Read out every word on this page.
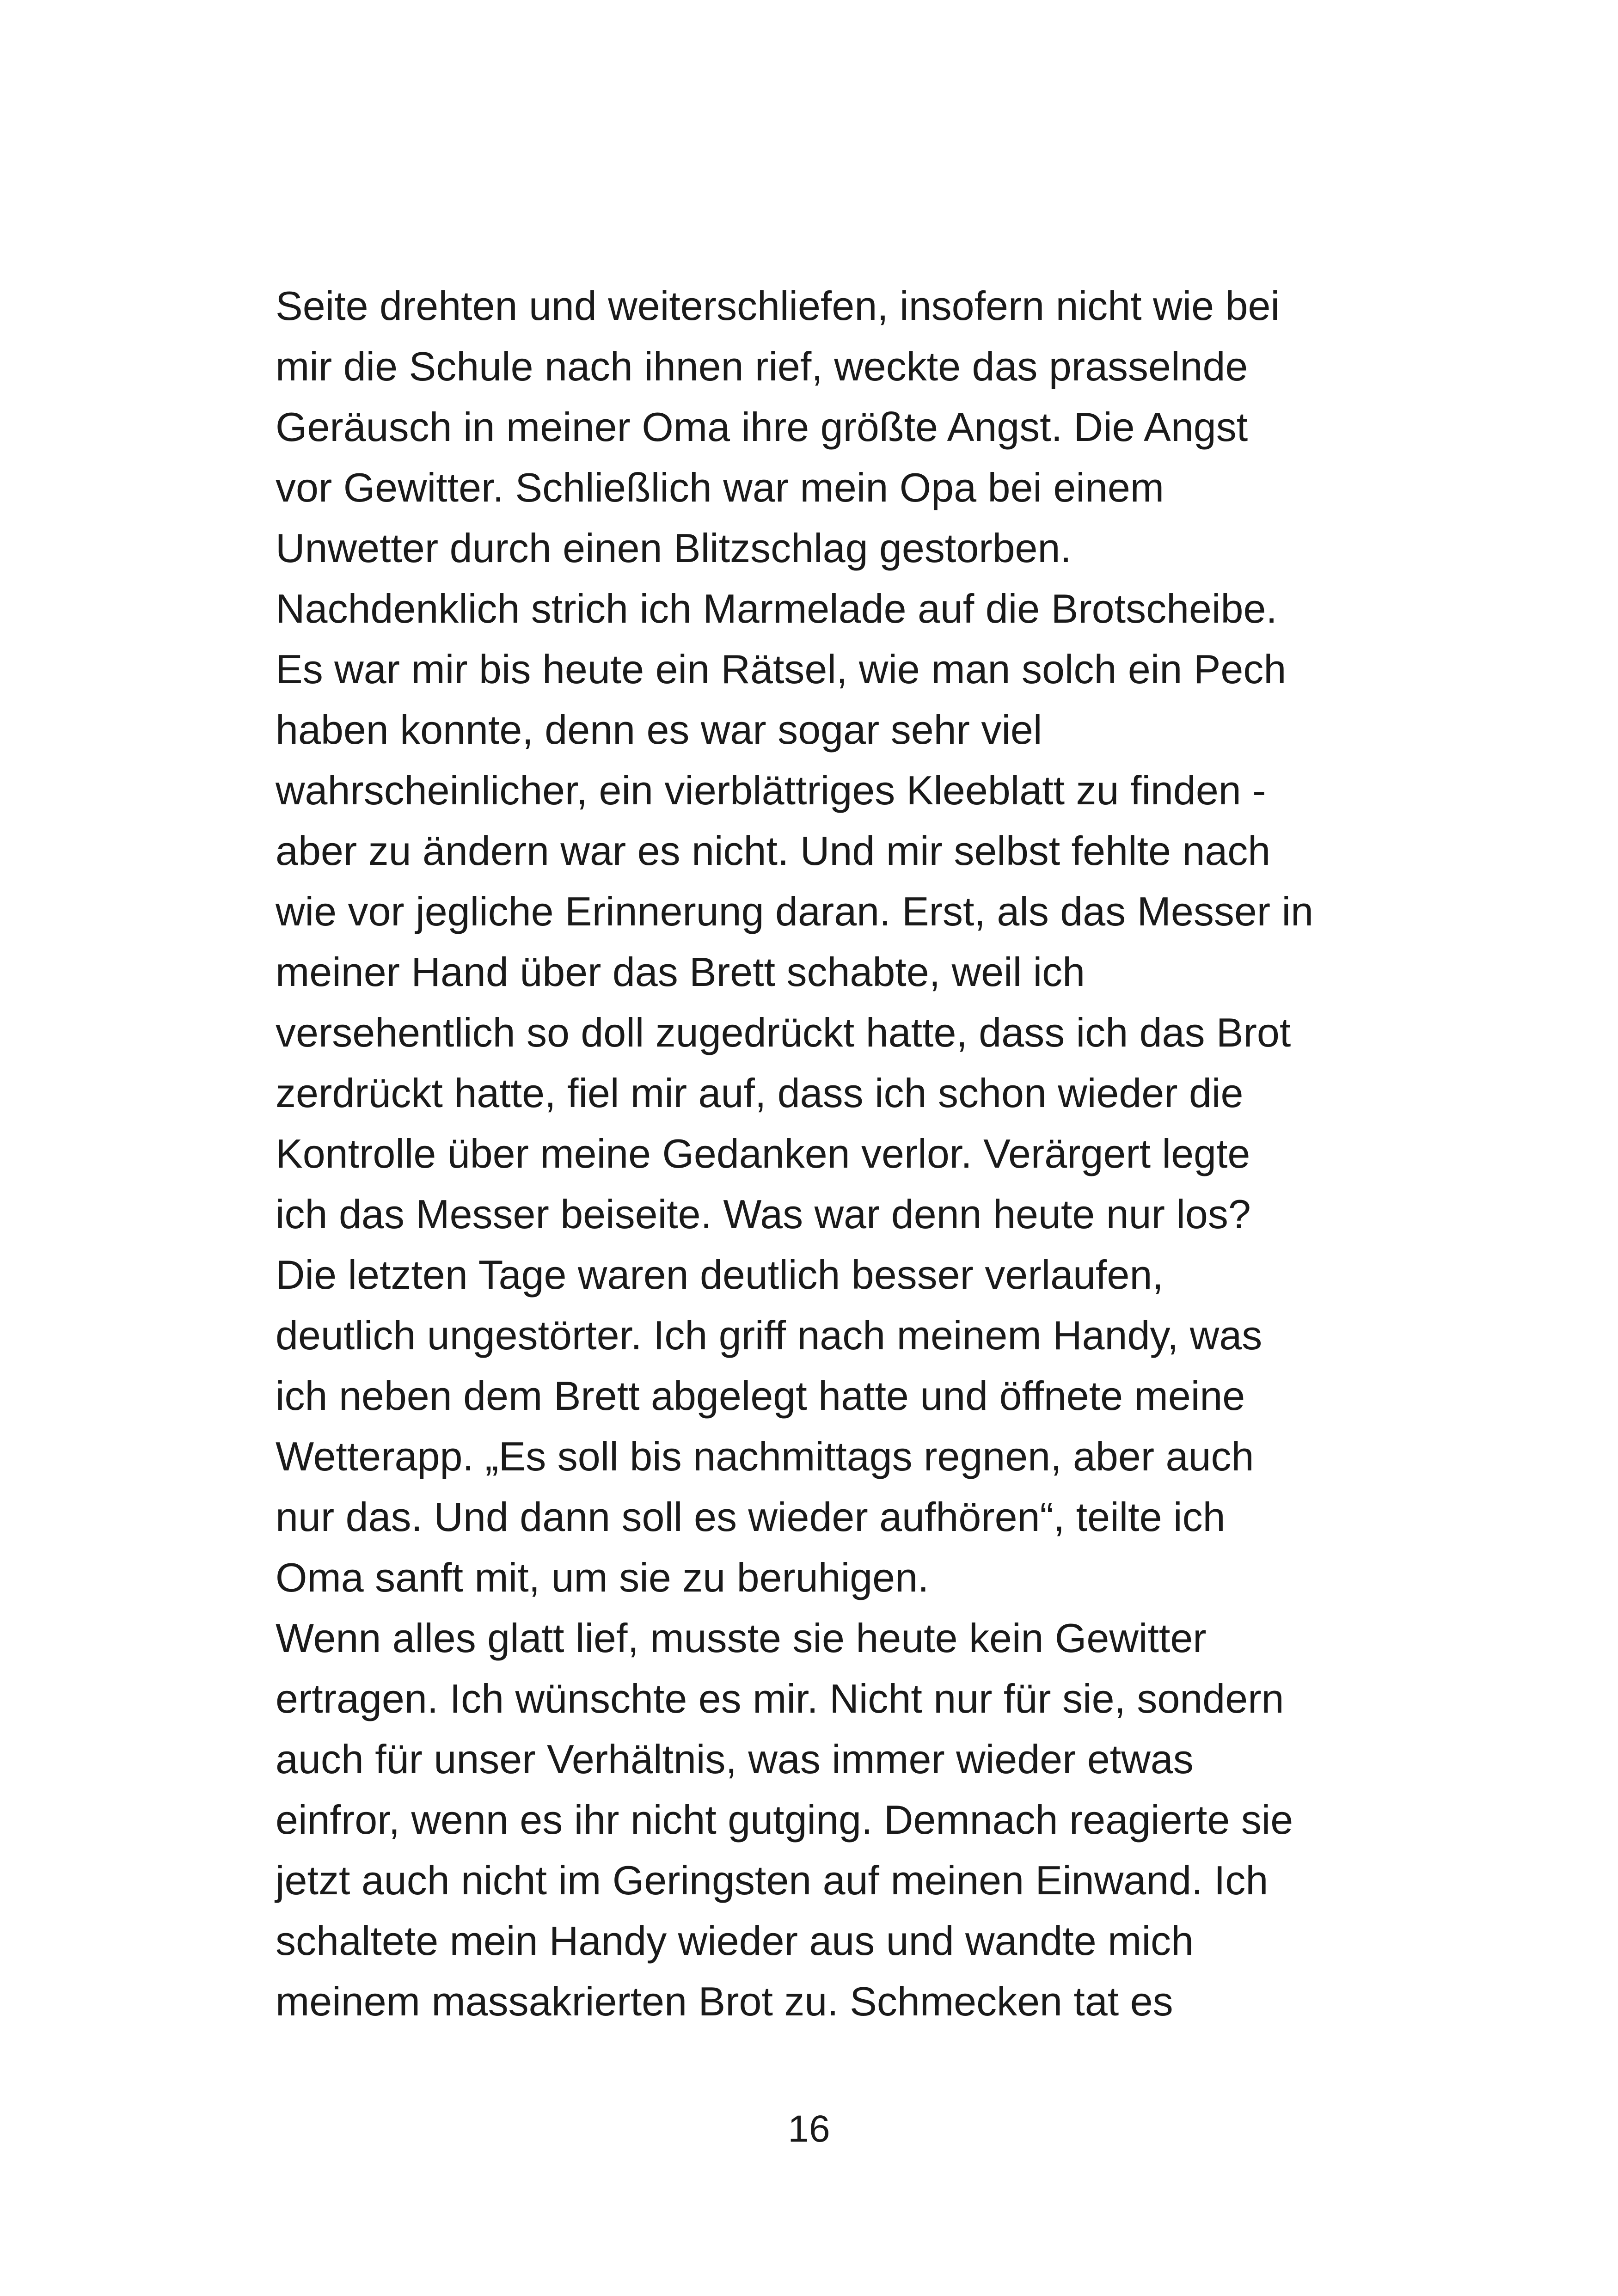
Seite drehten und weiterschliefen, insofern nicht wie bei
mir die Schule nach ihnen rief, weckte das prasselnde
Geräusch in meiner Oma ihre größte Angst. Die Angst
vor Gewitter. Schließlich war mein Opa bei einem
Unwetter durch einen Blitzschlag gestorben.
Nachdenklich strich ich Marmelade auf die Brotscheibe.
Es war mir bis heute ein Rätsel, wie man solch ein Pech
haben konnte, denn es war sogar sehr viel
wahrscheinlicher, ein vierblättriges Kleeblatt zu finden -
aber zu ändern war es nicht. Und mir selbst fehlte nach
wie vor jegliche Erinnerung daran. Erst, als das Messer in
meiner Hand über das Brett schabte, weil ich
versehentlich so doll zugedrückt hatte, dass ich das Brot
zerdrückt hatte, fiel mir auf, dass ich schon wieder die
Kontrolle über meine Gedanken verlor. Verärgert legte
ich das Messer beiseite. Was war denn heute nur los?
Die letzten Tage waren deutlich besser verlaufen,
deutlich ungestörter. Ich griff nach meinem Handy, was
ich neben dem Brett abgelegt hatte und öffnete meine
Wetterapp. „Es soll bis nachmittags regnen, aber auch
nur das. Und dann soll es wieder aufhören“, teilte ich
Oma sanft mit, um sie zu beruhigen.
Wenn alles glatt lief, musste sie heute kein Gewitter
ertragen. Ich wünschte es mir. Nicht nur für sie, sondern
auch für unser Verhältnis, was immer wieder etwas
einfror, wenn es ihr nicht gutging. Demnach reagierte sie
jetzt auch nicht im Geringsten auf meinen Einwand. Ich
schaltete mein Handy wieder aus und wandte mich
meinem massakrierten Brot zu. Schmecken tat es
16
